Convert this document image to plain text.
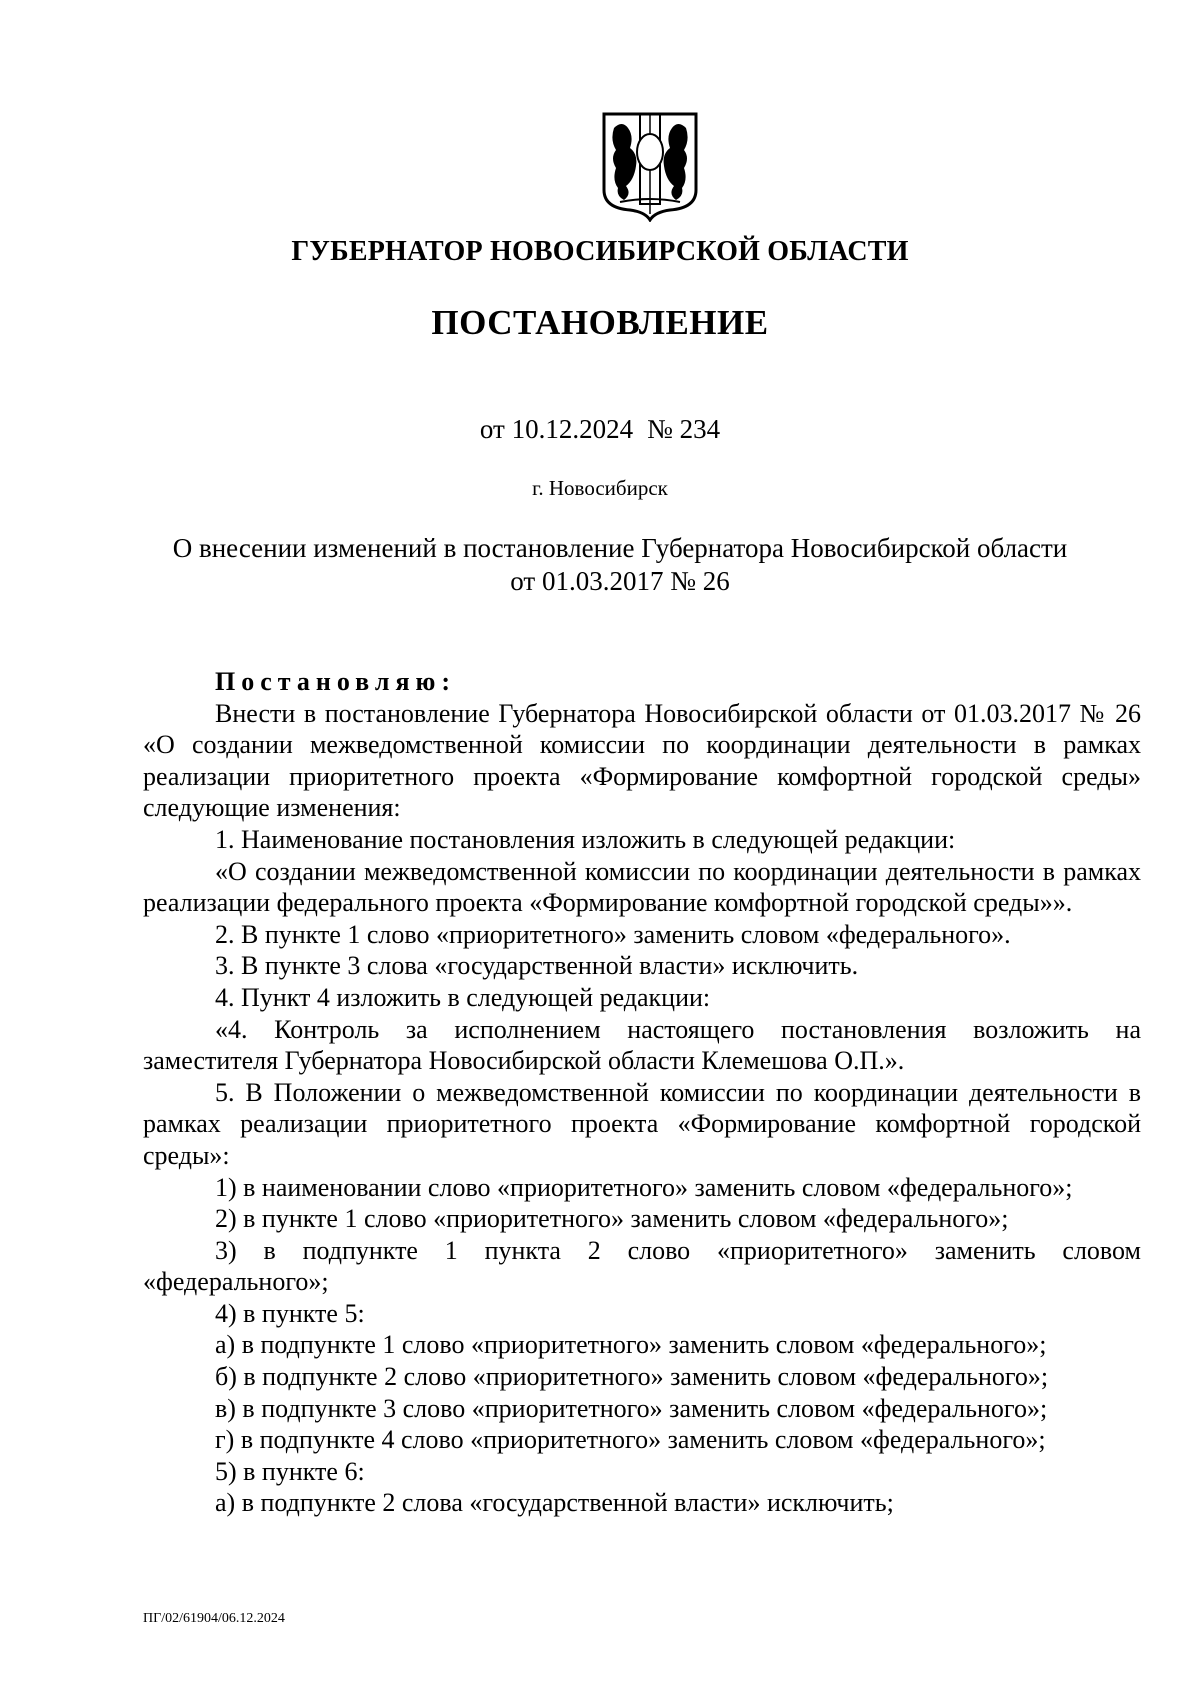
ГУБЕРНАТОР НОВОСИБИРСКОЙ ОБЛАСТИ
ПОСТАНОВЛЕНИЕ
от 10.12.2024 № 234
г. Новосибирск
О внесении изменений в постановление Губернатора Новосибирской области
от 01.03.2017 № 26

Постановляю:

Внести в постановление Губернатора Новосибирской области от 01.03.2017 № 26 «О создании межведомственной комиссии по координации деятельности в рамках реализации приоритетного проекта «Формирование комфортной городской среды» следующие изменения:

1. Наименование постановления изложить в следующей редакции:

«О создании межведомственной комиссии по координации деятельности в рамках реализации федерального проекта «Формирование комфортной городской среды»».

2. В пункте 1 слово «приоритетного» заменить словом «федерального».

3. В пункте 3 слова «государственной власти» исключить.

4. Пункт 4 изложить в следующей редакции:

«4. Контроль за исполнением настоящего постановления возложить на заместителя Губернатора Новосибирской области Клемешова О.П.».

5. В Положении о межведомственной комиссии по координации деятельности в рамках реализации приоритетного проекта «Формирование комфортной городской среды»:

1) в наименовании слово «приоритетного» заменить словом «федерального»;

2) в пункте 1 слово «приоритетного» заменить словом «федерального»;

3) в подпункте 1 пункта 2 слово «приоритетного» заменить словом «федерального»;

4) в пункте 5:

а) в подпункте 1 слово «приоритетного» заменить словом «федерального»;

б) в подпункте 2 слово «приоритетного» заменить словом «федерального»;

в) в подпункте 3 слово «приоритетного» заменить словом «федерального»;

г) в подпункте 4 слово «приоритетного» заменить словом «федерального»;

5) в пункте 6:

а) в подпункте 2 слова «государственной власти» исключить;

ПГ/02/61904/06.12.2024
